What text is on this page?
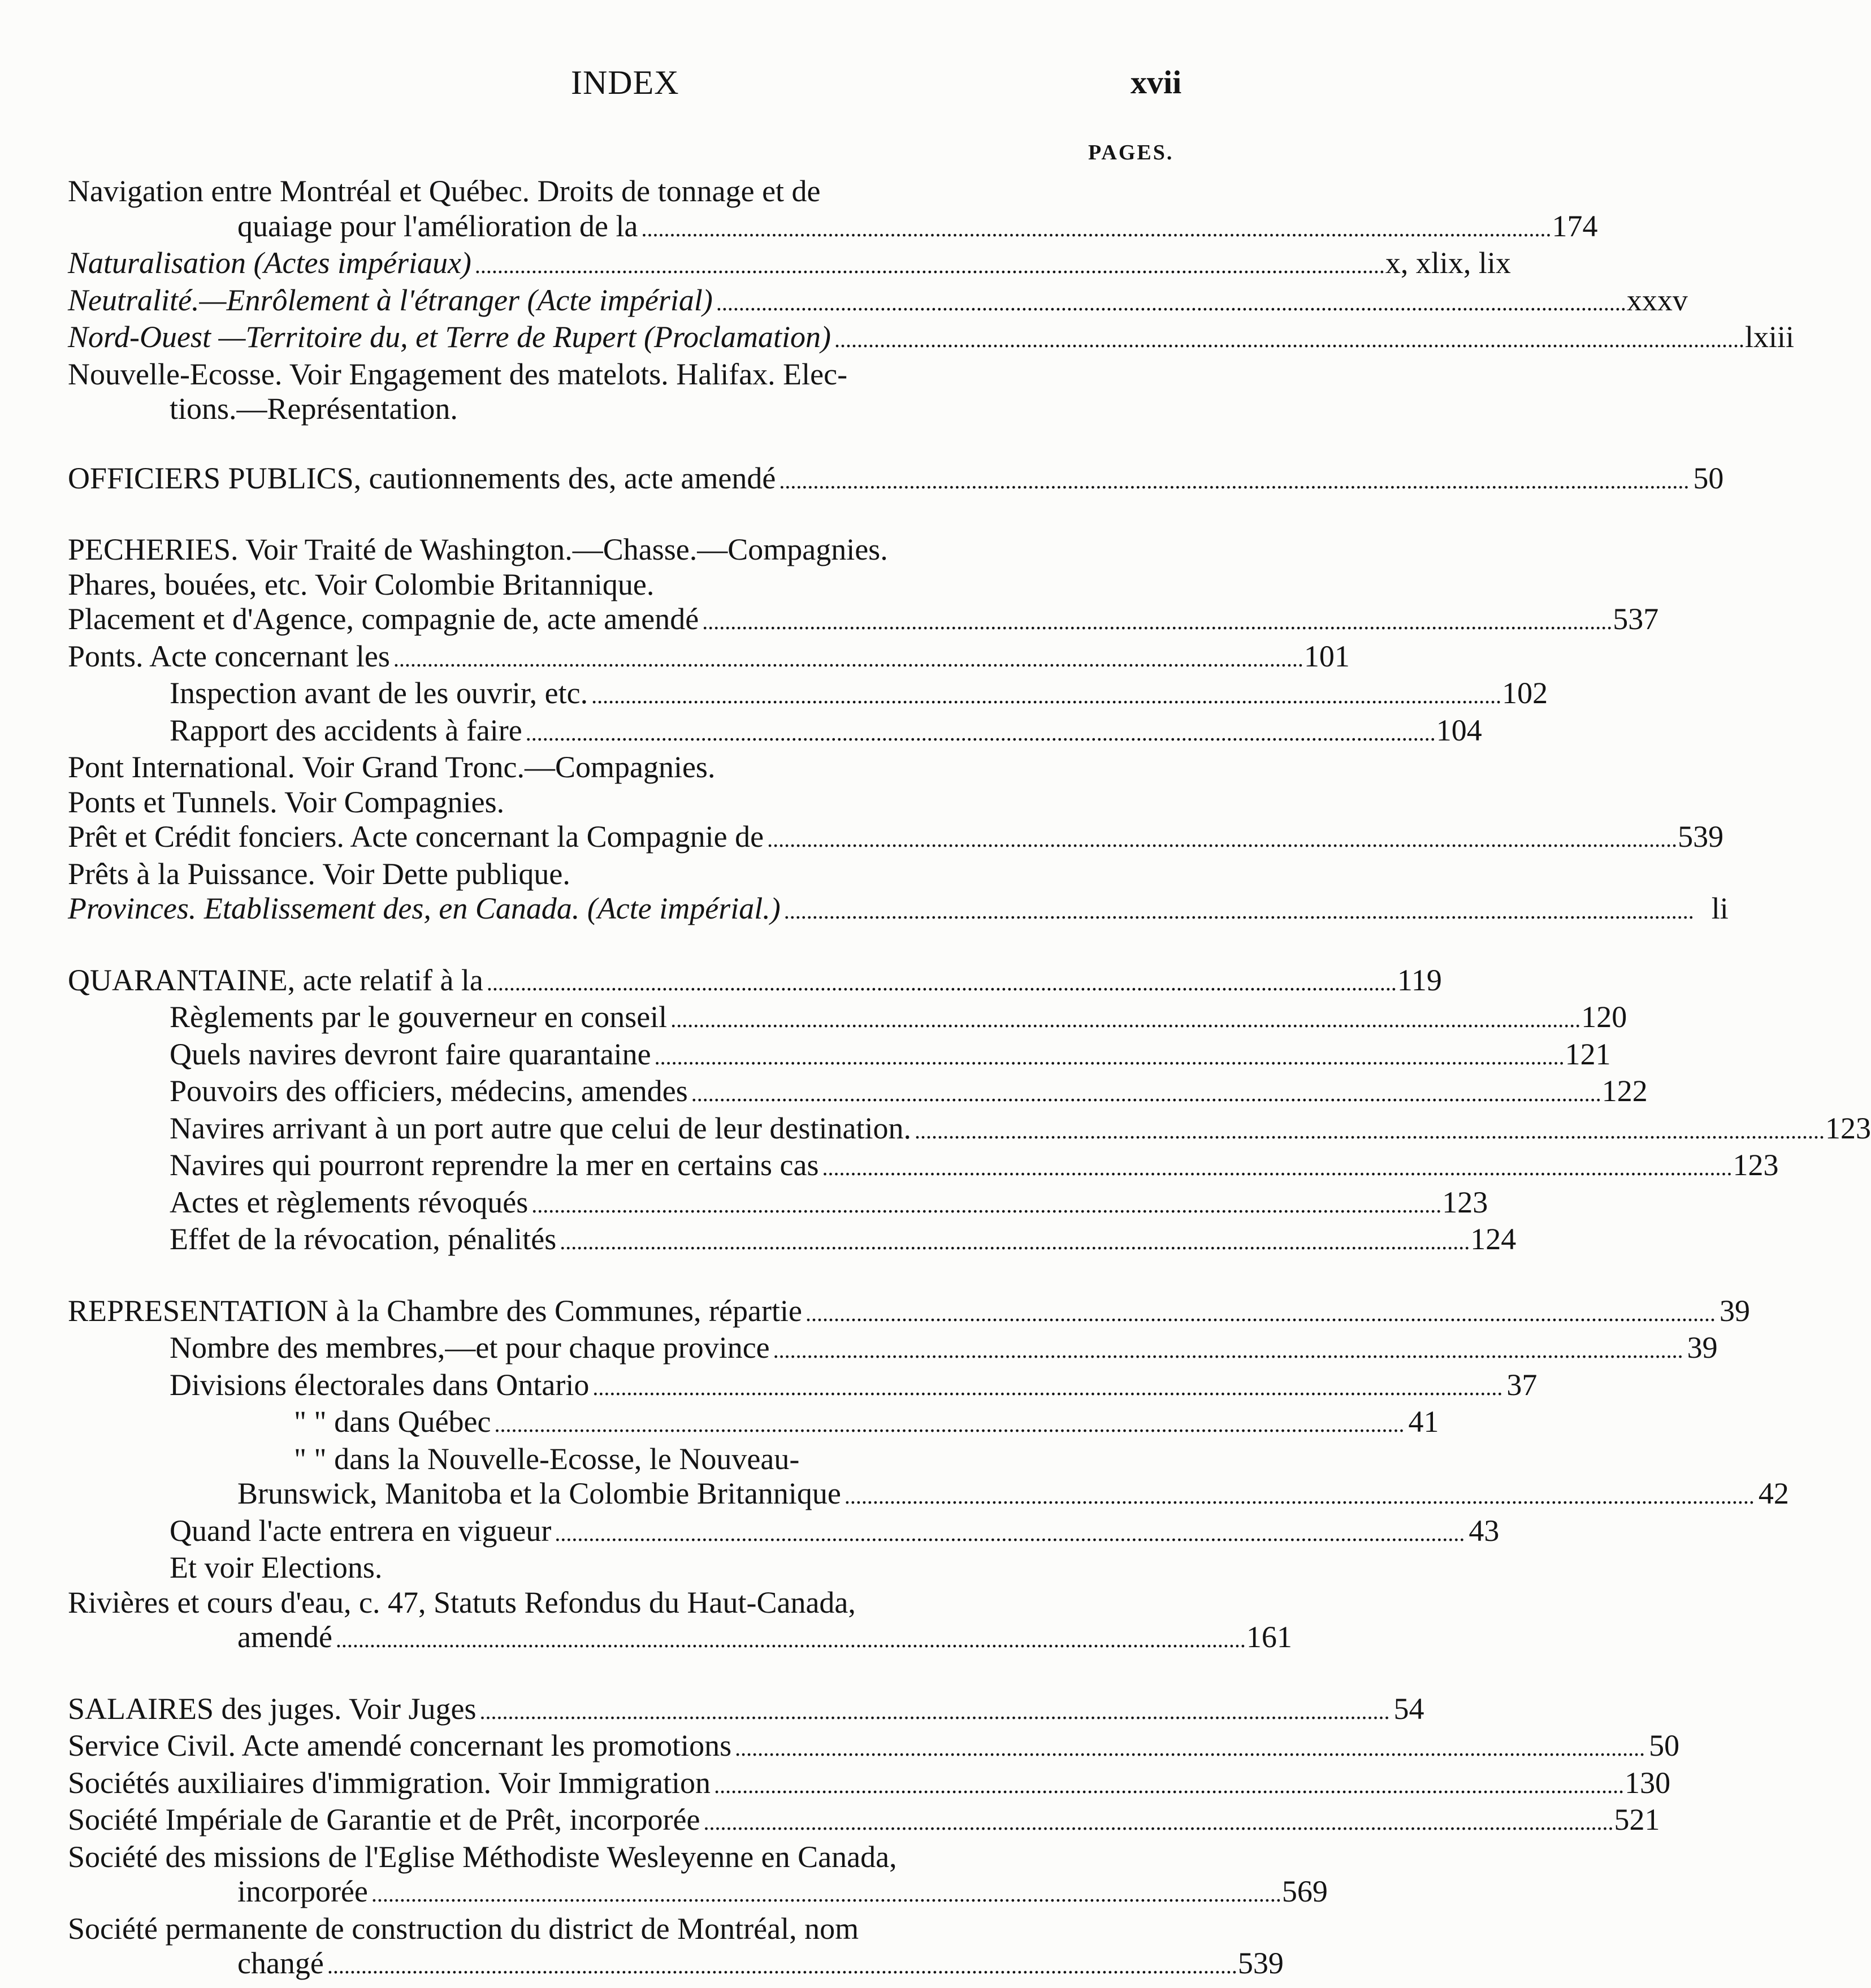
INDEX	xvii
PAGES.
Navigation entre Montréal et Québec. Droits de tonnage et de
quaiage pour l'amélioration de la . . .	174
Naturalisation (Actes impériaux) . . .	x, xlix, lix
Neutralité.—Enrôlement à l'étranger (Acte impérial) . . .	xxxv
Nord-Ouest —Territoire du, et Terre de Rupert (Proclamation) . . .	lxiii
Nouvelle-Ecosse. Voir Engagement des matelots. Halifax. Elec-
tions.—Représentation.
OFFICIERS PUBLICS, cautionnements des, acte amendé . . .	50
PECHERIES. Voir Traité de Washington.—Chasse.—Compagnies.
Phares, bouées, etc. Voir Colombie Britannique.
Placement et d'Agence, compagnie de, acte amendé . . .	537
Ponts. Acte concernant les . . .	101
Inspection avant de les ouvrir, etc. . . .	102
Rapport des accidents à faire . . .	104
Pont International. Voir Grand Tronc.—Compagnies.
Ponts et Tunnels. Voir Compagnies.
Prêt et Crédit fonciers. Acte concernant la Compagnie de . . .	539
Prêts à la Puissance. Voir Dette publique.
Provinces. Etablissement des, en Canada. (Acte impérial.) . . .	li
QUARANTAINE, acte relatif à la . . .	119
Règlements par le gouverneur en conseil . . .	120
Quels navires devront faire quarantaine . . .	121
Pouvoirs des officiers, médecins, amendes . . .	122
Navires arrivant à un port autre que celui de leur destination. . . .	123
Navires qui pourront reprendre la mer en certains cas . . .	123
Actes et règlements révoqués . . .	123
Effet de la révocation, pénalités . . .	124
REPRESENTATION à la Chambre des Communes, répartie . . .	39
Nombre des membres,—et pour chaque province . . .	39
Divisions électorales dans Ontario . . .	37
" " dans Québec . . .	41
" " dans la Nouvelle-Ecosse, le Nouveau-
Brunswick, Manitoba et la Colombie Britannique . . .	42
Quand l'acte entrera en vigueur . . .	43
Et voir Elections.
Rivières et cours d'eau, c. 47, Statuts Refondus du Haut-Canada,
amendé . . .	161
SALAIRES des juges. Voir Juges . . .	54
Service Civil. Acte amendé concernant les promotions . . .	50
Sociétés auxiliaires d'immigration. Voir Immigration . . .	130
Société Impériale de Garantie et de Prêt, incorporée . . .	521
Société des missions de l'Eglise Méthodiste Wesleyenne en Canada,
incorporée . . .	569
Société permanente de construction du district de Montréal, nom
changé . . .	539
